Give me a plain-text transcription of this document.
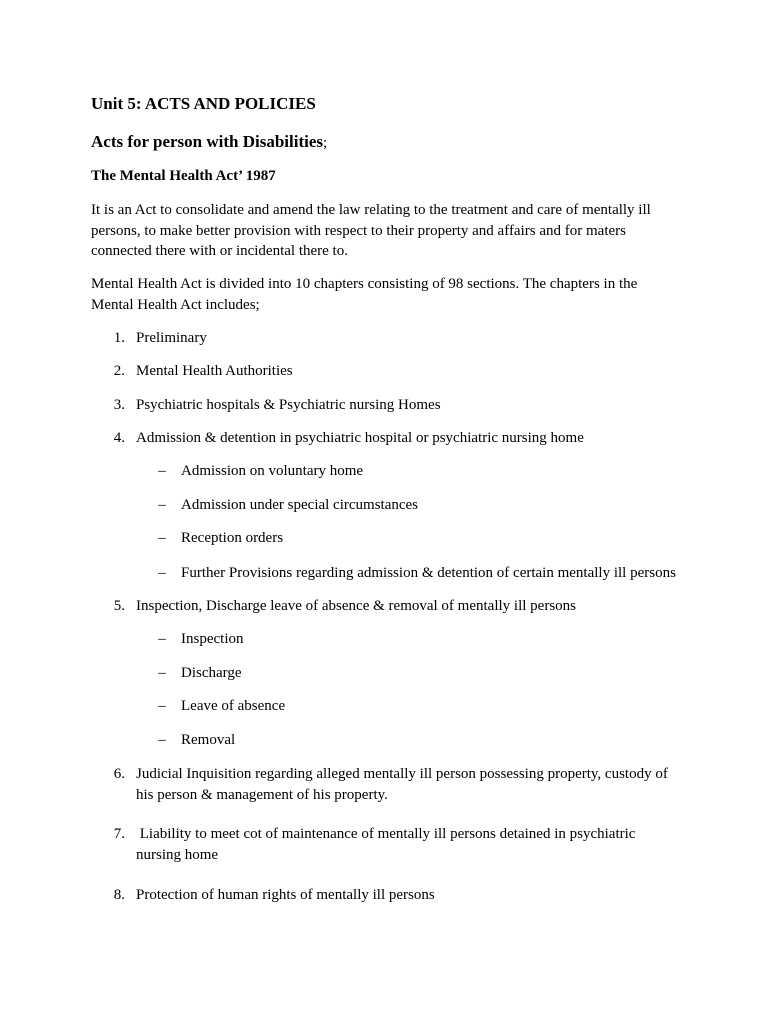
Unit 5: ACTS AND POLICIES
Acts for person with Disabilities;
The Mental Health Act’ 1987

It is an Act to consolidate and amend the law relating to the treatment and care of mentally ill persons, to make better provision with respect to their property and affairs and for maters connected there with or incidental there to.

Mental Health Act is divided into 10 chapters consisting of 98 sections. The chapters in the Mental Health Act includes;

1. Preliminary
2. Mental Health Authorities
3. Psychiatric hospitals & Psychiatric nursing Homes
4. Admission & detention in psychiatric hospital or psychiatric nursing home
– Admission on voluntary home
– Admission under special circumstances
– Reception orders
– Further Provisions regarding admission & detention of certain mentally ill persons
5. Inspection, Discharge leave of absence & removal of mentally ill persons
– Inspection
– Discharge
– Leave of absence
– Removal
6. Judicial Inquisition regarding alleged mentally ill person possessing property, custody of his person & management of his property.
7. Liability to meet cot of maintenance of mentally ill persons detained in psychiatric nursing home
8. Protection of human rights of mentally ill persons
